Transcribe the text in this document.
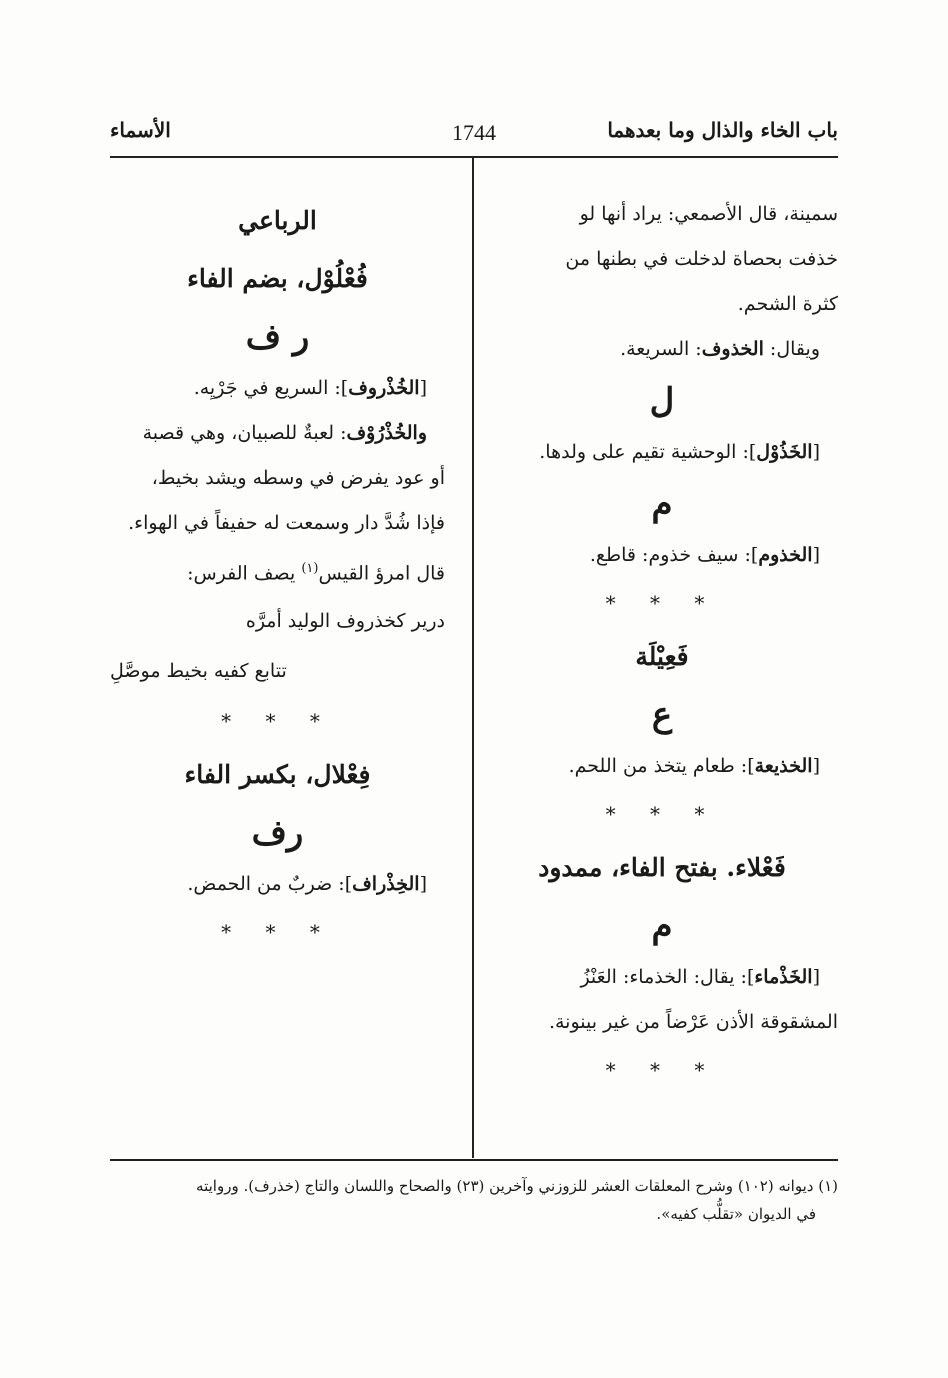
باب الخاء والذال وما بعدهما
1744
الأسماء

سمينة، قال الأصمعي: يراد أنها لو

خذفت بحصاة لدخلت في بطنها من

كثرة الشحم.

ويقال: الخذوف: السريعة.

ل

[الخَذُوْل]: الوحشية تقيم على ولدها.

م

[الخذوم]: سيف خذوم: قاطع.

* * *

فَعِيْلَة

ع

[الخذيعة]: طعام يتخذ من اللحم.

* * *

فَعْلاء. بفتح الفاء، ممدود

م

[الخَذْماء]: يقال: الخذماء: العَنْزُ

المشقوقة الأذن عَرْضاً من غير بينونة.

* * *

الرباعي

فُعْلُوْل، بضم الفاء

ر ف

[الخُذْروف]: السريع في جَرْيِه.

والخُذْرُوْف: لعبةٌ للصبيان، وهي قصبة

أو عود يفرض في وسطه ويشد بخيط،

فإذا شُدَّ دار وسمعت له حفيفاً في الهواء.

قال امرؤ القيس$^{(١)}$ يصف الفرس:

درير كخذروف الوليد أمرَّه

تتابع كفيه بخيط موصَّلِ

* * *

فِعْلال، بكسر الفاء

رف

[الخِذْراف]: ضربٌ من الحمض.

* * *

(١) ديوانه (١٠٢) وشرح المعلقات العشر للزوزني وآخرين (٢٣) والصحاح واللسان والتاج (خذرف). وروايته

في الديوان «تقلُّب كفيه».
